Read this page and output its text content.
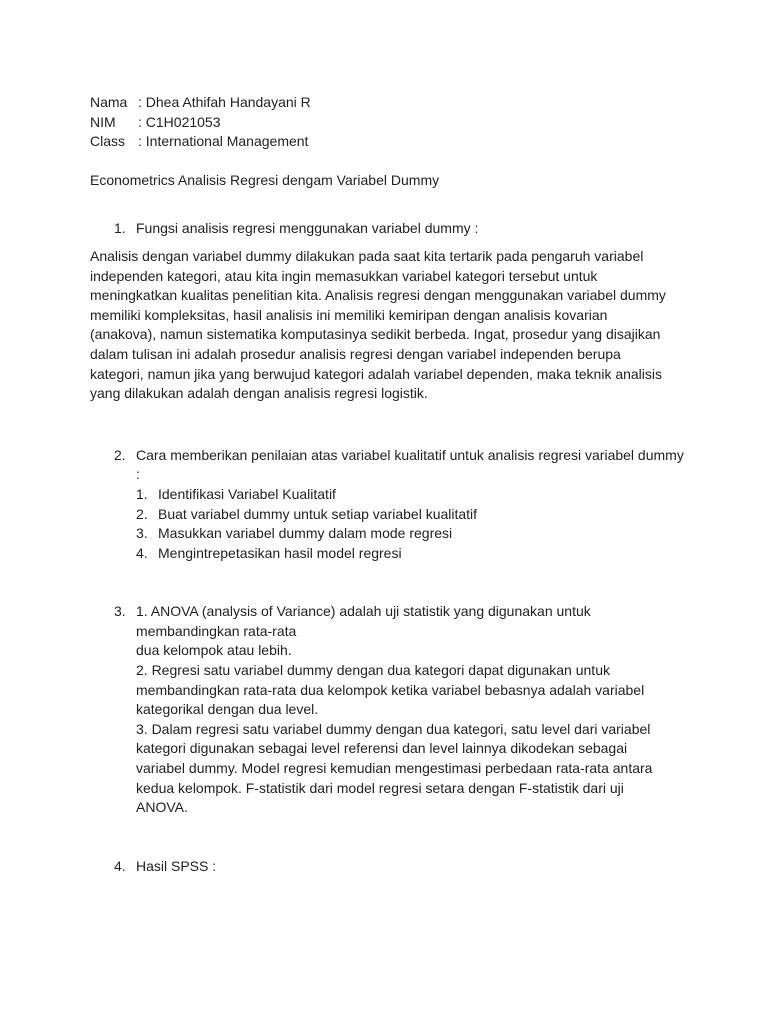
Nama : Dhea Athifah Handayani R
NIM : C1H021053
Class : International Management
Econometrics Analisis Regresi dengam Variabel Dummy
1. Fungsi analisis regresi menggunakan variabel dummy :
Analisis dengan variabel dummy dilakukan pada saat kita tertarik pada pengaruh variabel independen kategori, atau kita ingin memasukkan variabel kategori tersebut untuk meningkatkan kualitas penelitian kita. Analisis regresi dengan menggunakan variabel dummy memiliki kompleksitas, hasil analisis ini memiliki kemiripan dengan analisis kovarian (anakova), namun sistematika komputasinya sedikit berbeda. Ingat, prosedur yang disajikan dalam tulisan ini adalah prosedur analisis regresi dengan variabel independen berupa kategori, namun jika yang berwujud kategori adalah variabel dependen, maka teknik analisis yang dilakukan adalah dengan analisis regresi logistik.
2. Cara memberikan penilaian atas variabel kualitatif untuk analisis regresi variabel dummy :
1. Identifikasi Variabel Kualitatif
2. Buat variabel dummy untuk setiap variabel kualitatif
3. Masukkan variabel dummy dalam mode regresi
4. Mengintrepetasikan hasil model regresi
3. 1. ANOVA (analysis of Variance) adalah uji statistik yang digunakan untuk membandingkan rata-rata
dua kelompok atau lebih.
2. Regresi satu variabel dummy dengan dua kategori dapat digunakan untuk membandingkan rata-rata dua kelompok ketika variabel bebasnya adalah variabel kategorikal dengan dua level.
3. Dalam regresi satu variabel dummy dengan dua kategori, satu level dari variabel kategori digunakan sebagai level referensi dan level lainnya dikodekan sebagai variabel dummy. Model regresi kemudian mengestimasi perbedaan rata-rata antara kedua kelompok. F-statistik dari model regresi setara dengan F-statistik dari uji ANOVA.
4. Hasil SPSS :
